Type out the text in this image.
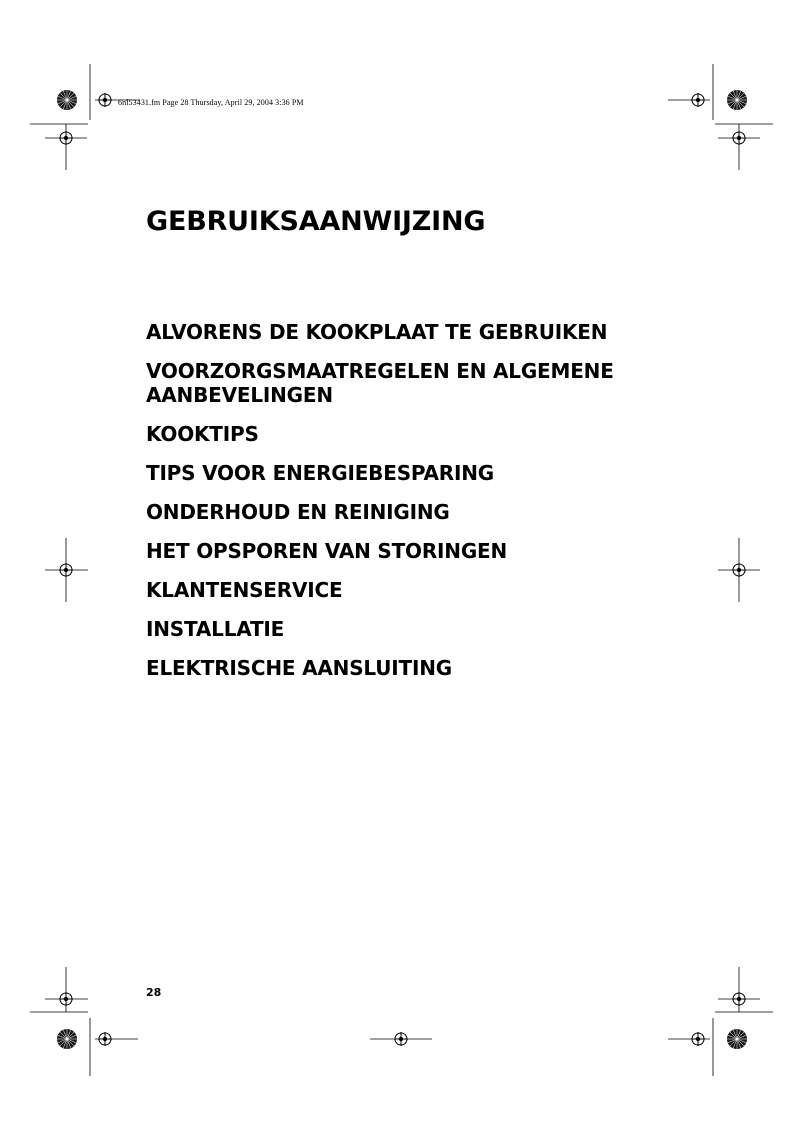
6nl53431.fm Page 28 Thursday, April 29, 2004 3:36 PM
GEBRUIKSAANWIJZING
ALVORENS DE KOOKPLAAT TE GEBRUIKEN
VOORZORGSMAATREGELEN EN ALGEMENE AANBEVELINGEN
KOOKTIPS
TIPS VOOR ENERGIEBESPARING
ONDERHOUD EN REINIGING
HET OPSPOREN VAN STORINGEN
KLANTENSERVICE
INSTALLATIE
ELEKTRISCHE AANSLUITING
28
